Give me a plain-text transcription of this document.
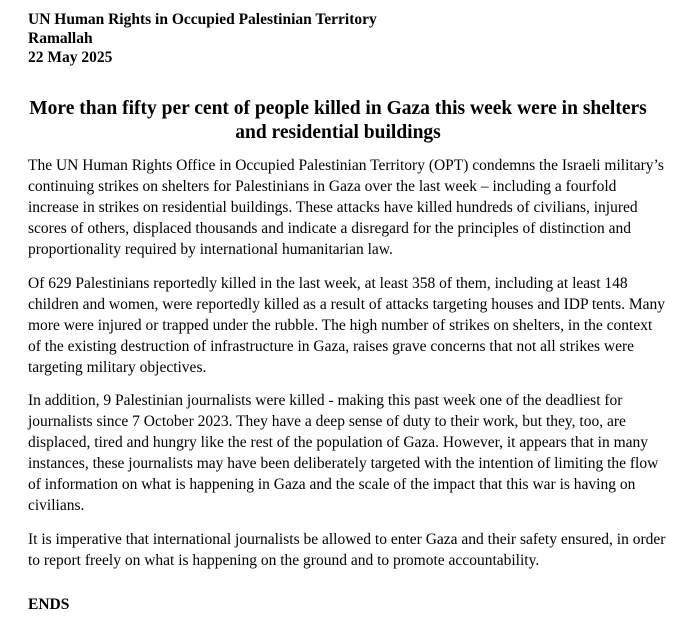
UN Human Rights in Occupied Palestinian Territory
Ramallah
22 May 2025
More than fifty per cent of people killed in Gaza this week were in shelters
and residential buildings

The UN Human Rights Office in Occupied Palestinian Territory (OPT) condemns the Israeli military’s continuing strikes on shelters for Palestinians in Gaza over the last week – including a fourfold increase in strikes on residential buildings. These attacks have killed hundreds of civilians, injured scores of others, displaced thousands and indicate a disregard for the principles of distinction and proportionality required by international humanitarian law.

Of 629 Palestinians reportedly killed in the last week, at least 358 of them, including at least 148 children and women, were reportedly killed as a result of attacks targeting houses and IDP tents. Many more were injured or trapped under the rubble. The high number of strikes on shelters, in the context of the existing destruction of infrastructure in Gaza, raises grave concerns that not all strikes were targeting military objectives.

In addition, 9 Palestinian journalists were killed - making this past week one of the deadliest for journalists since 7 October 2023. They have a deep sense of duty to their work, but they, too, are displaced, tired and hungry like the rest of the population of Gaza. However, it appears that in many instances, these journalists may have been deliberately targeted with the intention of limiting the flow of information on what is happening in Gaza and the scale of the impact that this war is having on civilians.

It is imperative that international journalists be allowed to enter Gaza and their safety ensured, in order to report freely on what is happening on the ground and to promote accountability.

ENDS
